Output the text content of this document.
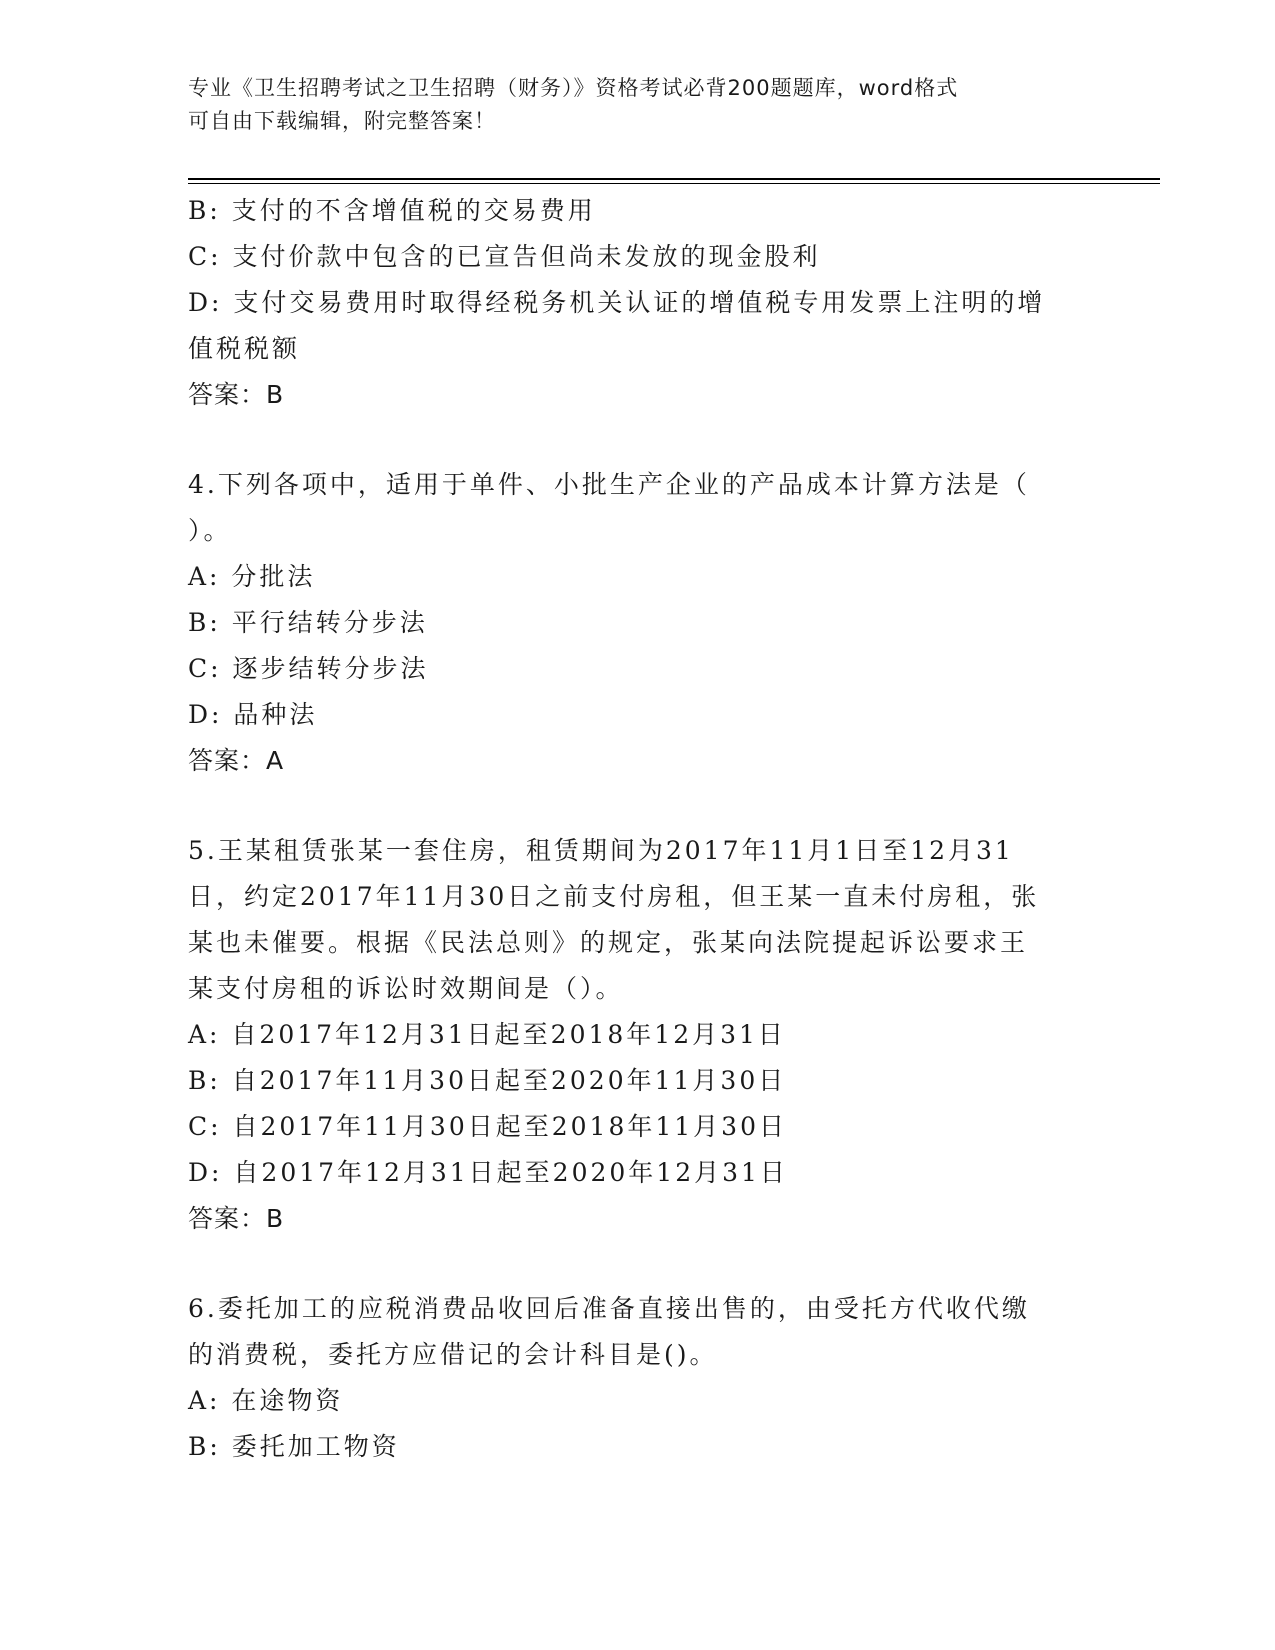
专业《卫生招聘考试之卫生招聘（财务）》资格考试必背200题题库，word格式
可自由下载编辑，附完整答案！
B: 支付的不含增值税的交易费用
C: 支付价款中包含的已宣告但尚未发放的现金股利
D: 支付交易费用时取得经税务机关认证的增值税专用发票上注明的增
值税税额
答案：B
4.下列各项中，适用于单件、小批生产企业的产品成本计算方法是（
）。
A: 分批法
B: 平行结转分步法
C: 逐步结转分步法
D: 品种法
答案：A
5.王某租赁张某一套住房，租赁期间为2017年11月1日至12月31
日，约定2017年11月30日之前支付房租，但王某一直未付房租，张
某也未催要。根据《民法总则》的规定，张某向法院提起诉讼要求王
某支付房租的诉讼时效期间是（）。
A: 自2017年12月31日起至2018年12月31日
B: 自2017年11月30日起至2020年11月30日
C: 自2017年11月30日起至2018年11月30日
D: 自2017年12月31日起至2020年12月31日
答案：B
6.委托加工的应税消费品收回后准备直接出售的，由受托方代收代缴
的消费税，委托方应借记的会计科目是()。
A: 在途物资
B: 委托加工物资
